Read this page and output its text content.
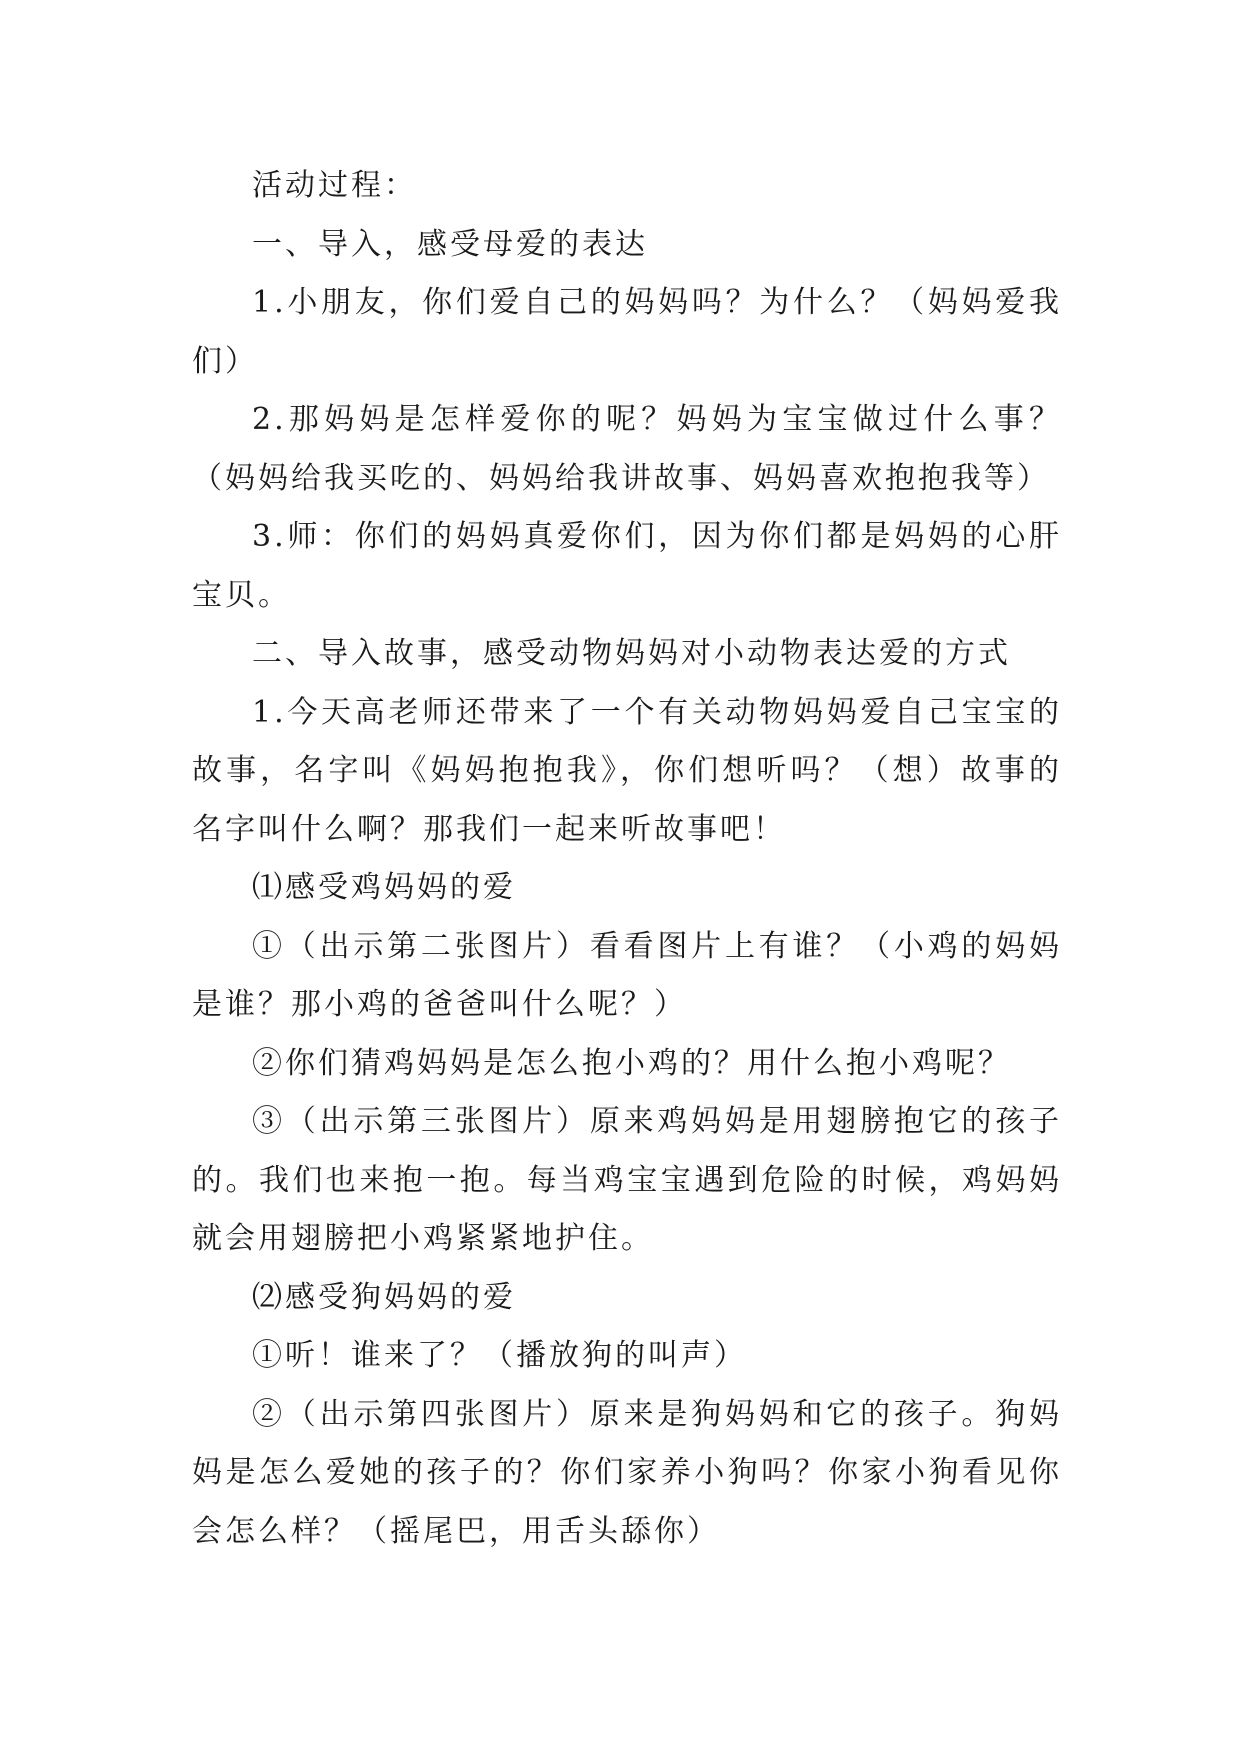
活动过程：

一、导入，感受母爱的表达

1.小朋友，你们爱自己的妈妈吗？为什么？（妈妈爱我们）

2.那妈妈是怎样爱你的呢？妈妈为宝宝做过什么事？（妈妈给我买吃的、妈妈给我讲故事、妈妈喜欢抱抱我等）

3.师：你们的妈妈真爱你们，因为你们都是妈妈的心肝宝贝。

二、导入故事，感受动物妈妈对小动物表达爱的方式

1.今天高老师还带来了一个有关动物妈妈爱自己宝宝的故事，名字叫《妈妈抱抱我》，你们想听吗？（想）故事的名字叫什么啊？那我们一起来听故事吧！

⑴感受鸡妈妈的爱

①（出示第二张图片）看看图片上有谁？（小鸡的妈妈是谁？那小鸡的爸爸叫什么呢？）

②你们猜鸡妈妈是怎么抱小鸡的？用什么抱小鸡呢？

③（出示第三张图片）原来鸡妈妈是用翅膀抱它的孩子的。我们也来抱一抱。每当鸡宝宝遇到危险的时候，鸡妈妈就会用翅膀把小鸡紧紧地护住。

⑵感受狗妈妈的爱

①听！谁来了？（播放狗的叫声）

②（出示第四张图片）原来是狗妈妈和它的孩子。狗妈妈是怎么爱她的孩子的？你们家养小狗吗？你家小狗看见你会怎么样？（摇尾巴，用舌头舔你）
